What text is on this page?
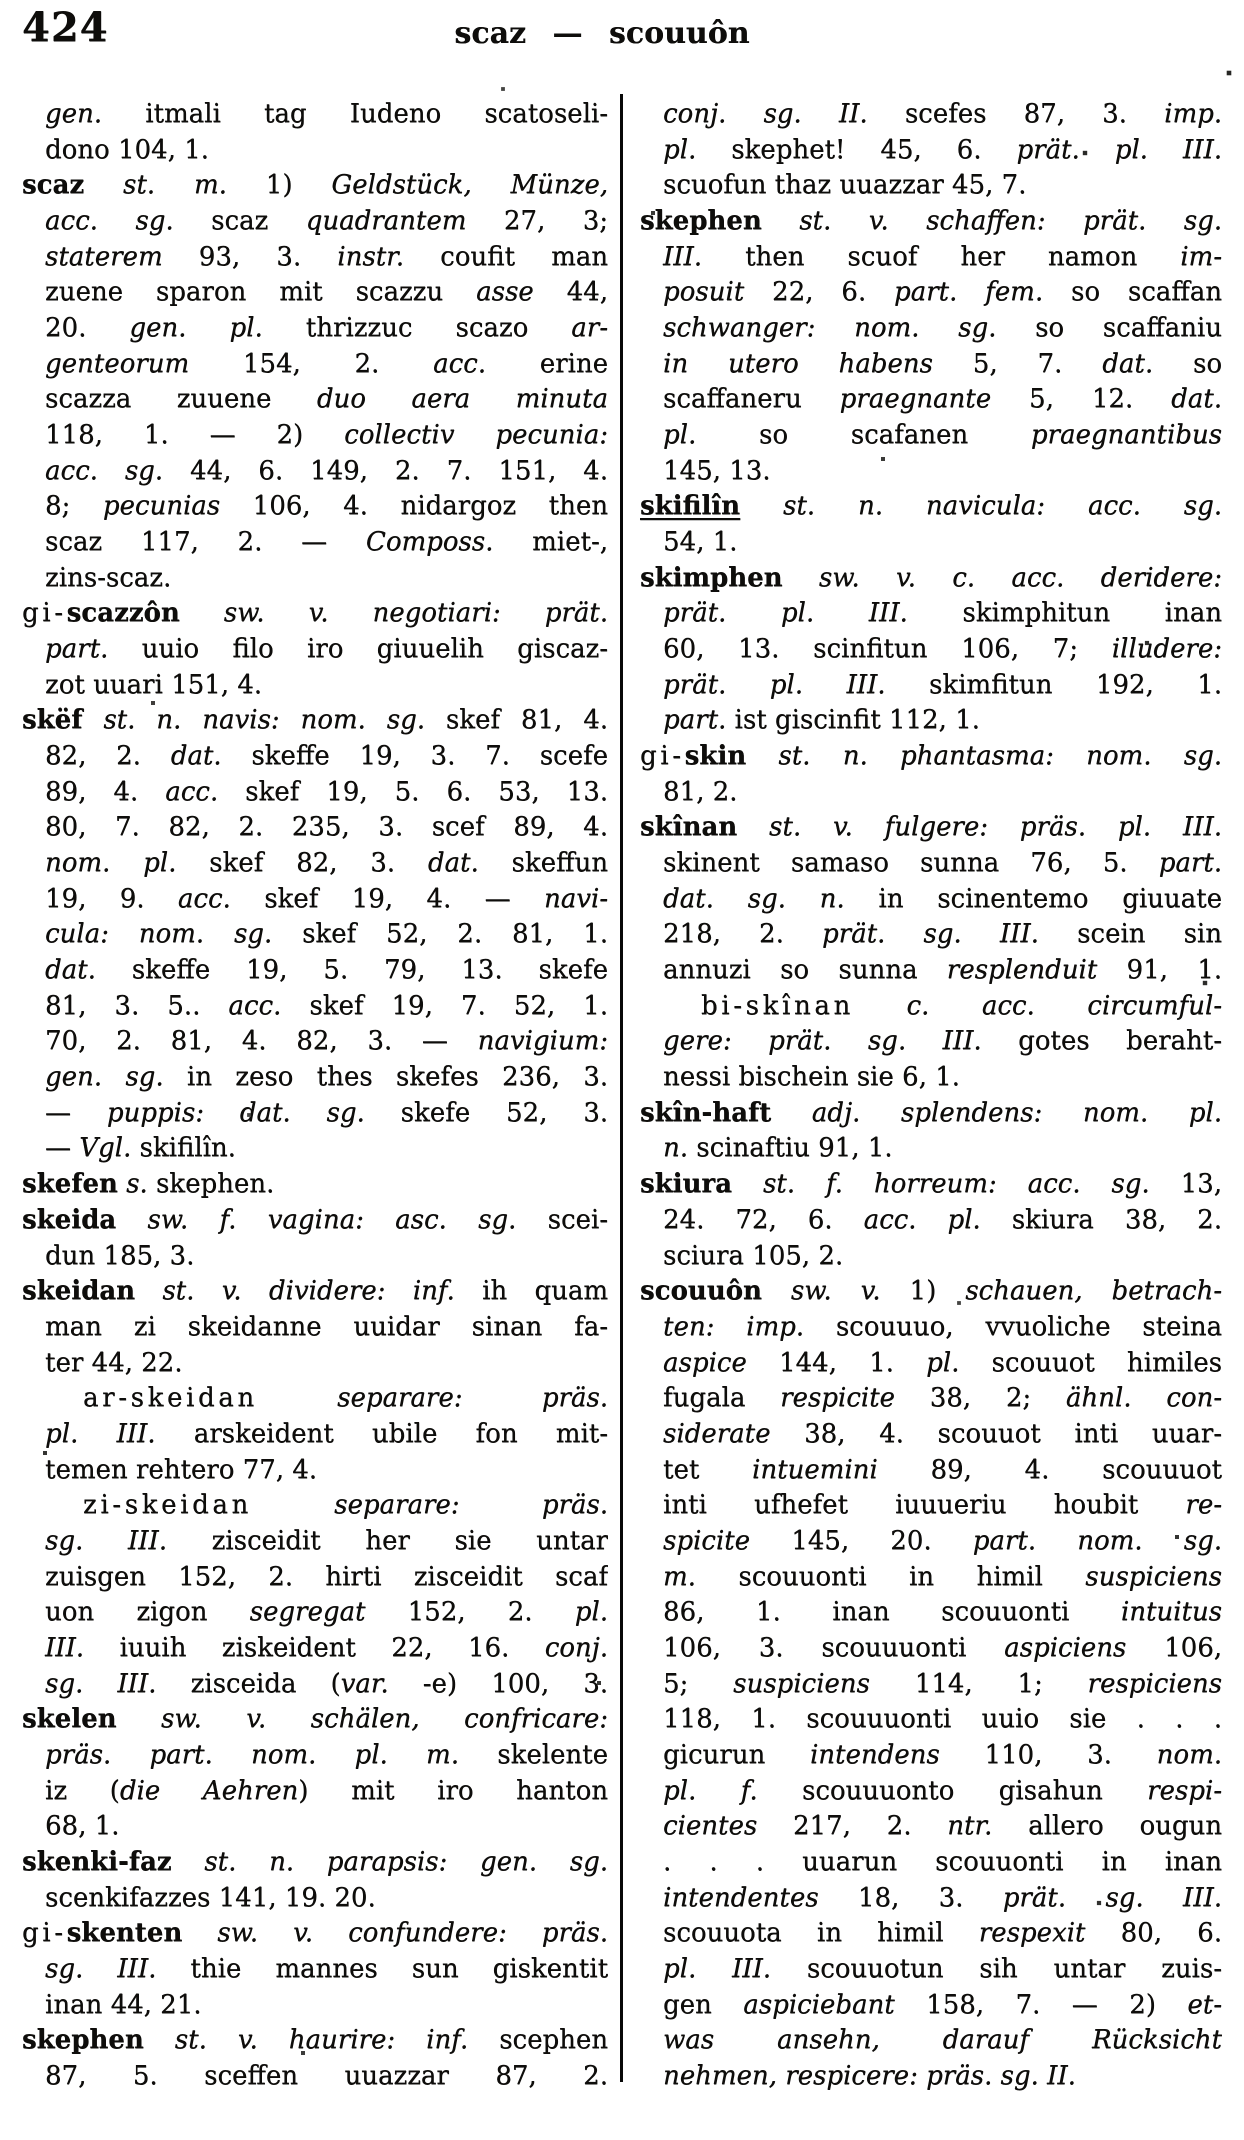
424	scaz — scouuôn
gen. itmali tag Iudeno scatoseli-
dono 104, 1.
scaz st. m. 1) Geldstück, Münze,
acc. sg. scaz quadrantem 27, 3;
staterem 93, 3. instr. coufit man
zuene sparon mit scazzu asse 44,
20. gen. pl. thrizzuc scazo ar-
genteorum 154, 2. acc. erine
scazza zuuene duo aera minuta
118, 1. — 2) collectiv pecunia:
acc. sg. 44, 6. 149, 2. 7. 151, 4.
8; pecunias 106, 4. nidargoz then
scaz 117, 2. — Composs. miet-,
zins-scaz.
gi-scazzôn sw. v. negotiari: prät.
part. uuio filo iro giuuelih giscaz-
zot uuari 151, 4.
skëf st. n. navis: nom. sg. skef 81, 4.
82, 2. dat. skeffe 19, 3. 7. scefe
89, 4. acc. skef 19, 5. 6. 53, 13.
80, 7. 82, 2. 235, 3. scef 89, 4.
nom. pl. skef 82, 3. dat. skeffun
19, 9. acc. skef 19, 4. — navi-
cula: nom. sg. skef 52, 2. 81, 1.
dat. skeffe 19, 5. 79, 13. skefe
81, 3. 5.. acc. skef 19, 7. 52, 1.
70, 2. 81, 4. 82, 3. — navigium:
gen. sg. in zeso thes skefes 236, 3.
— puppis: dat. sg. skefe 52, 3.
— Vgl. skifilîn.
skefen s. skephen.
skeida sw. f. vagina: asc. sg. scei-
dun 185, 3.
skeidan st. v. dividere: inf. ih quam
man zi skeidanne uuidar sinan fa-
ter 44, 22.
ar-skeidan	separare: präs.
pl. III. arskeident ubile fon mit-
temen rehtero 77, 4.
zi-skeidan	separare: präs.
sg. III. zisceidit her sie untar
zuisgen 152, 2. hirti zisceidit scaf
uon zigon segregat 152, 2. pl.
III. iuuih ziskeident 22, 16. conj.
sg. III. zisceida (var. -e) 100, 3.
skelen sw. v. schälen, confricare:
präs. part. nom. pl. m. skelente
iz (die Aehren) mit iro hanton
68, 1.
skenki-faz st. n. parapsis: gen. sg.
scenkifazzes 141, 19. 20.
gi-skenten sw. v. confundere: präs.
sg. III. thie mannes sun giskentit
inan 44, 21.
skephen st. v. haurire: inf. scephen
87, 5. sceffen uuazzar 87, 2.
conj. sg. II. scefes 87, 3. imp.
pl. skephet! 45, 6. prät. pl. III.
scuofun thaz uuazzar 45, 7.
skephen st. v. schaffen: prät. sg.
III. then scuof her namon im-
posuit 22, 6. part. fem. so scaffan
schwanger: nom. sg. so scaffaniu
in utero habens 5, 7. dat. so
scaffaneru praegnante 5, 12. dat.
pl. so scafanen praegnantibus
145, 13.
skifilîn st. n. navicula: acc. sg.
54, 1.
skimphen sw. v. c. acc. deridere:
prät. pl. III. skimphitun inan
60, 13. scinfitun 106, 7; illudere:
prät. pl. III. skimfitun 192, 1.
part. ist giscinfit 112, 1.
gi-skin st. n. phantasma: nom. sg.
81, 2.
skînan st. v. fulgere: präs. pl. III.
skinent samaso sunna 76, 5. part.
dat. sg. n. in scinentemo giuuate
218, 2. prät. sg. III. scein sin
annuzi so sunna resplenduit 91, 1.
bi-skînan c. acc. circumful-
gere: prät. sg. III. gotes beraht-
nessi bischein sie 6, 1.
skîn-haft adj. splendens: nom. pl.
n. scinaftiu 91, 1.
skiura st. f. horreum: acc. sg. 13,
24. 72, 6. acc. pl. skiura 38, 2.
sciura 105, 2.
scouuôn sw. v. 1) schauen, betrach-
ten: imp. scouuuo, vvuoliche steina
aspice 144, 1. pl. scouuot himiles
fugala respicite 38, 2; ähnl. con-
siderate 38, 4. scouuot inti uuar-
tet intuemini 89, 4. scouuuot
inti ufhefet iuuueriu houbit re-
spicite 145, 20. part. nom. sg.
m. scouuonti in himil suspiciens
86, 1. inan scouuonti intuitus
106, 3. scouuuonti aspiciens 106,
5; suspiciens 114, 1; respiciens
118, 1. scouuuonti uuio sie . . .
gicurun intendens 110, 3. nom.
pl. f. scouuuonto gisahun respi-
cientes 217, 2. ntr. allero ougun
. . . uuarun scouuonti in inan
intendentes 18, 3. prät. sg. III.
scouuota in himil respexit 80, 6.
pl. III. scouuotun sih untar zuis-
gen aspiciebant 158, 7. — 2) et-
was ansehn, darauf Rücksicht
nehmen, respicere: präs. sg. II.
